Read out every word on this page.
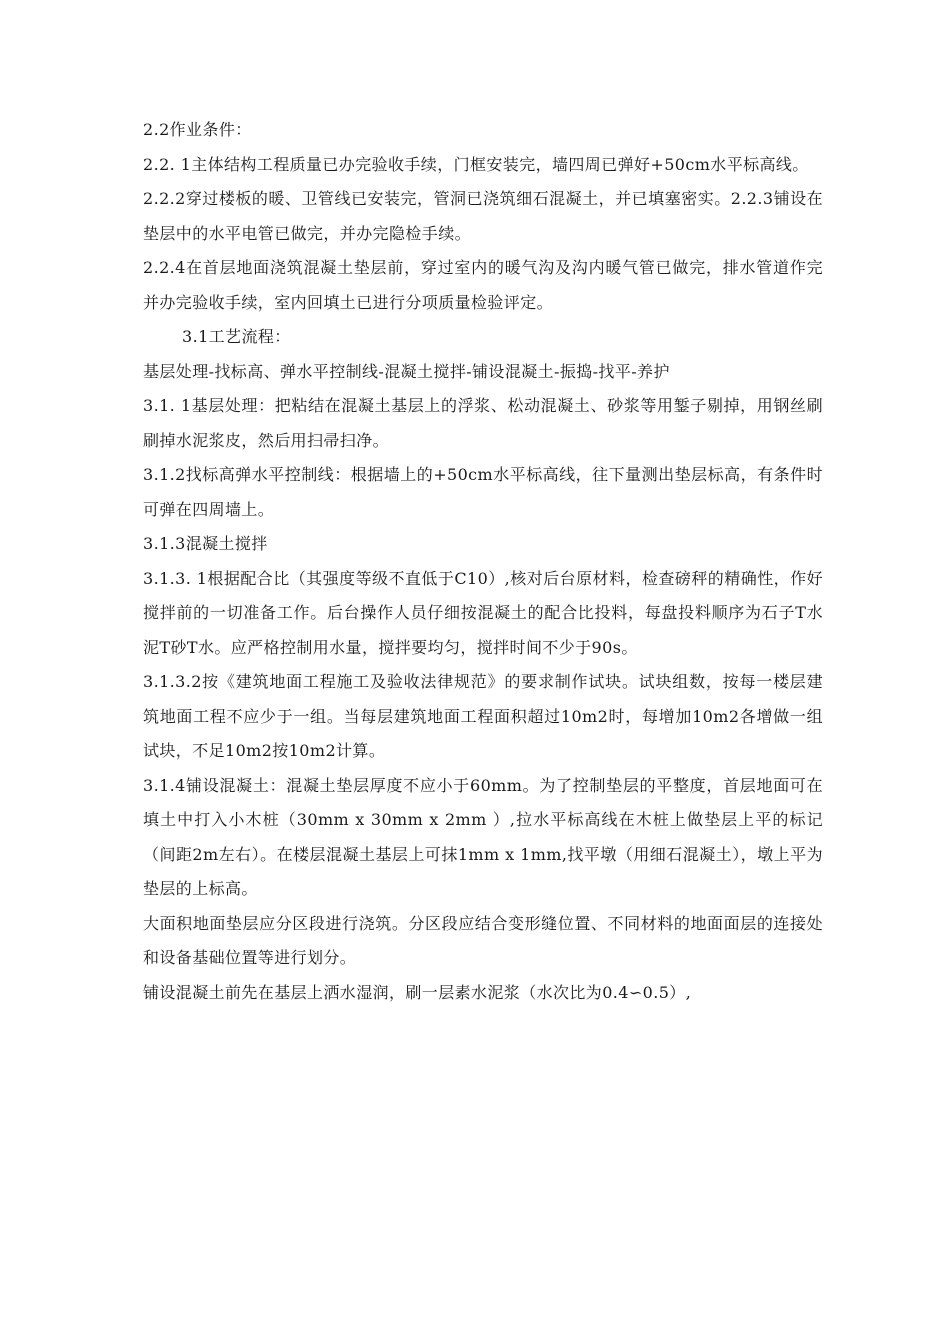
2.2作业条件：

2.2. 1主体结构工程质量已办完验收手续，门框安装完，墙四周已弹好+50cm水平标高线。

2.2.2穿过楼板的暖、卫管线已安装完，管洞已浇筑细石混凝土，并已填塞密实。2.2.3铺设在垫层中的水平电管已做完，并办完隐检手续。

2.2.4在首层地面浇筑混凝土垫层前，穿过室内的暖气沟及沟内暖气管已做完，排水管道作完并办完验收手续，室内回填土已进行分项质量检验评定。

3.1工艺流程：

基层处理-找标高、弹水平控制线-混凝土搅拌-铺设混凝土-振捣-找平-养护

3.1. 1基层处理：把粘结在混凝土基层上的浮浆、松动混凝土、砂浆等用錾子剔掉，用钢丝刷刷掉水泥浆皮，然后用扫帚扫净。

3.1.2找标高弹水平控制线：根据墙上的+50cm水平标高线，往下量测出垫层标高，有条件时可弹在四周墙上。

3.1.3混凝土搅拌

3.1.3. 1根据配合比（其强度等级不直低于C10）,核对后台原材料，检查磅秤的精确性，作好搅拌前的一切准备工作。后台操作人员仔细按混凝土的配合比投料，每盘投料顺序为石子T水泥T砂T水。应严格控制用水量，搅拌要均匀，搅拌时间不少于90s。

3.1.3.2按《建筑地面工程施工及验收法律规范》的要求制作试块。试块组数，按每一楼层建筑地面工程不应少于一组。当每层建筑地面工程面积超过10m2时，每增加10m2各增做一组试块，不足10m2按10m2计算。

3.1.4铺设混凝土：混凝土垫层厚度不应小于60mm。为了控制垫层的平整度，首层地面可在填土中打入小木桩（30mm x 30mm x 2mm ）,拉水平标高线在木桩上做垫层上平的标记（间距2m左右）。在楼层混凝土基层上可抹1mm x 1mm,找平墩（用细石混凝土），墩上平为垫层的上标高。

大面积地面垫层应分区段进行浇筑。分区段应结合变形缝位置、不同材料的地面面层的连接处和设备基础位置等进行划分。

铺设混凝土前先在基层上洒水湿润，刷一层素水泥浆（水次比为0.4∽0.5）,
